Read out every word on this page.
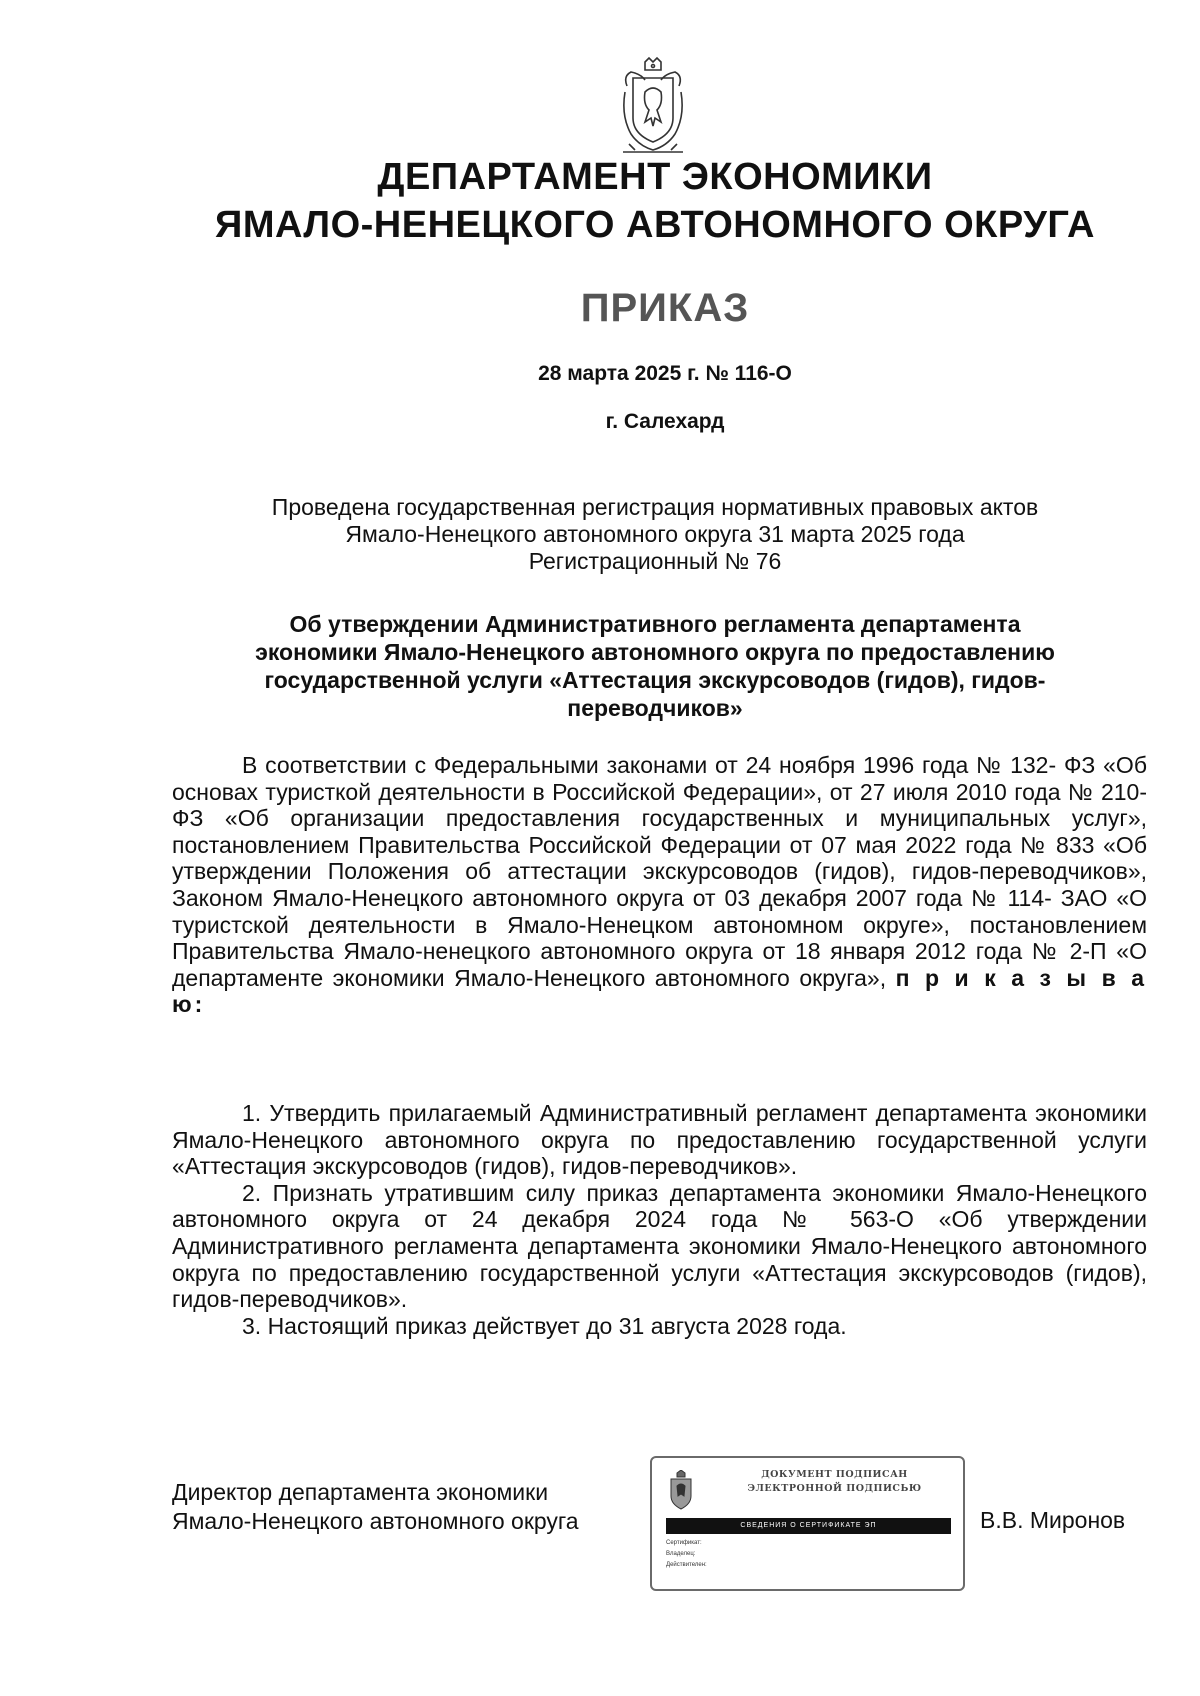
ДЕПАРТАМЕНТ ЭКОНОМИКИ
ЯМАЛО-НЕНЕЦКОГО АВТОНОМНОГО ОКРУГА
ПРИКАЗ
28 марта 2025 г. № 116-О
г. Салехард
Проведена государственная регистрация нормативных правовых актов
Ямало-Ненецкого автономного округа 31 марта 2025 года
Регистрационный № 76
Об утверждении Административного регламента департамента
экономики Ямало-Ненецкого автономного округа по предоставлению
государственной услуги «Аттестация экскурсоводов (гидов), гидов-
переводчиков»

В соответствии с Федеральными законами от 24 ноября 1996 года № 132- ФЗ «Об основах туристкой деятельности в Российской Федерации», от 27 июля 2010 года № 210-ФЗ «Об организации предоставления государственных и муниципальных услуг», постановлением Правительства Российской Федерации от 07 мая 2022 года № 833 «Об утверждении Положения об аттестации экскурсоводов (гидов), гидов-переводчиков», Законом Ямало-Ненецкого автономного округа от 03 декабря 2007 года № 114- ЗАО «О туристской деятельности в Ямало-Ненецком автономном округе», постановлением Правительства Ямало-ненецкого автономного округа от 18 января 2012 года № 2-П «О департаменте экономики Ямало-Ненецкого автономного округа», п р и к а з ы в а ю:

1. Утвердить прилагаемый Административный регламент департамента экономики Ямало-Ненецкого автономного округа по предоставлению государственной услуги «Аттестация экскурсоводов (гидов), гидов-переводчиков».

2. Признать утратившим силу приказ департамента экономики Ямало-Ненецкого автономного округа от 24 декабря 2024 года № 563-О «Об утверждении Административного регламента департамента экономики Ямало-Ненецкого автономного округа по предоставлению государственной услуги «Аттестация экскурсоводов (гидов), гидов-переводчиков».

3. Настоящий приказ действует до 31 августа 2028 года.

Директор департамента экономики
Ямало-Ненецкого автономного округа
ДОКУМЕНТ ПОДПИСАН
ЭЛЕКТРОННОЙ ПОДПИСЬЮ
СВЕДЕНИЯ О СЕРТИФИКАТЕ ЭП
Сертификат:
Владелец:
Действителен:
В.В. Миронов
